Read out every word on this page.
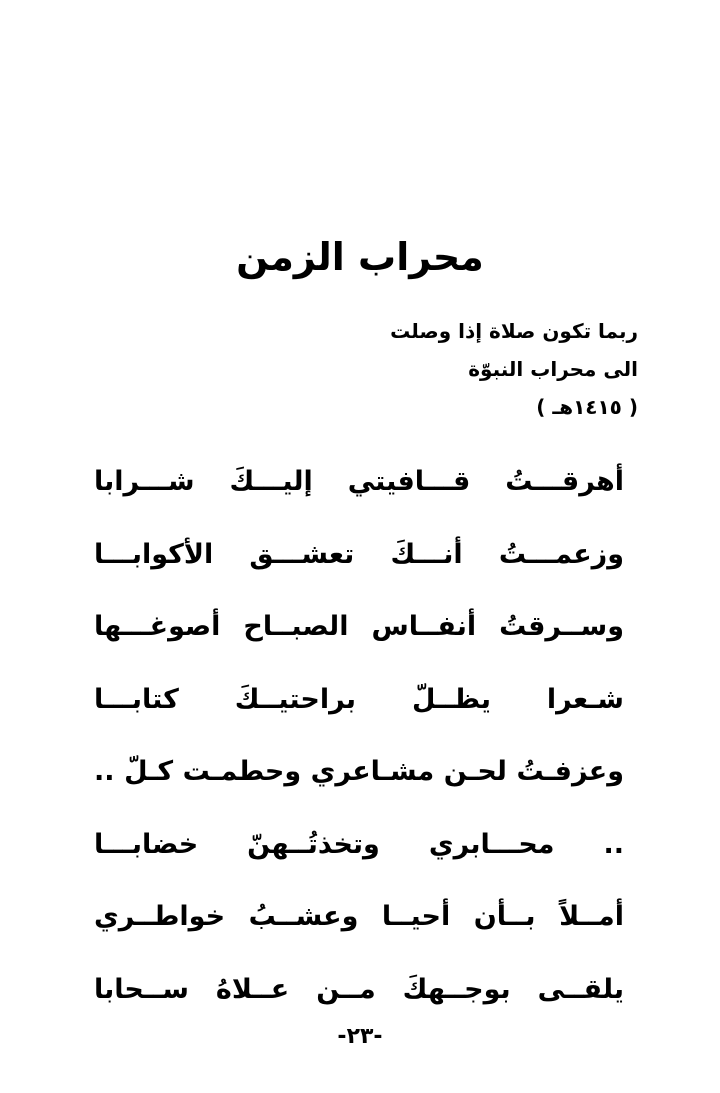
محراب الزمن
ربما تكون صلاة إذا وصلت
الى محراب النبوّة
( ١٤١٥هـ )
أهرقـــتُ قـــافيتي إليـــكَ شـــرابا
وزعمـــتُ أنـــكَ تعشـــق الأكوابـــا
وســرقتُ أنفــاس الصبــاح أصوغـــها
شـعرا يظــلّ براحتيــكَ كتابـــا
وعزفـتُ لحـن مشـاعري وحطمـت كـلّ ..
.. محـــابري وتخذتُــهنّ خضابـــا
أمــلاً بــأن أحيــا وعشــبُ خواطــري
يلقــى بوجــهكَ مــن عــلاهُ ســحابا
-٢٣-
